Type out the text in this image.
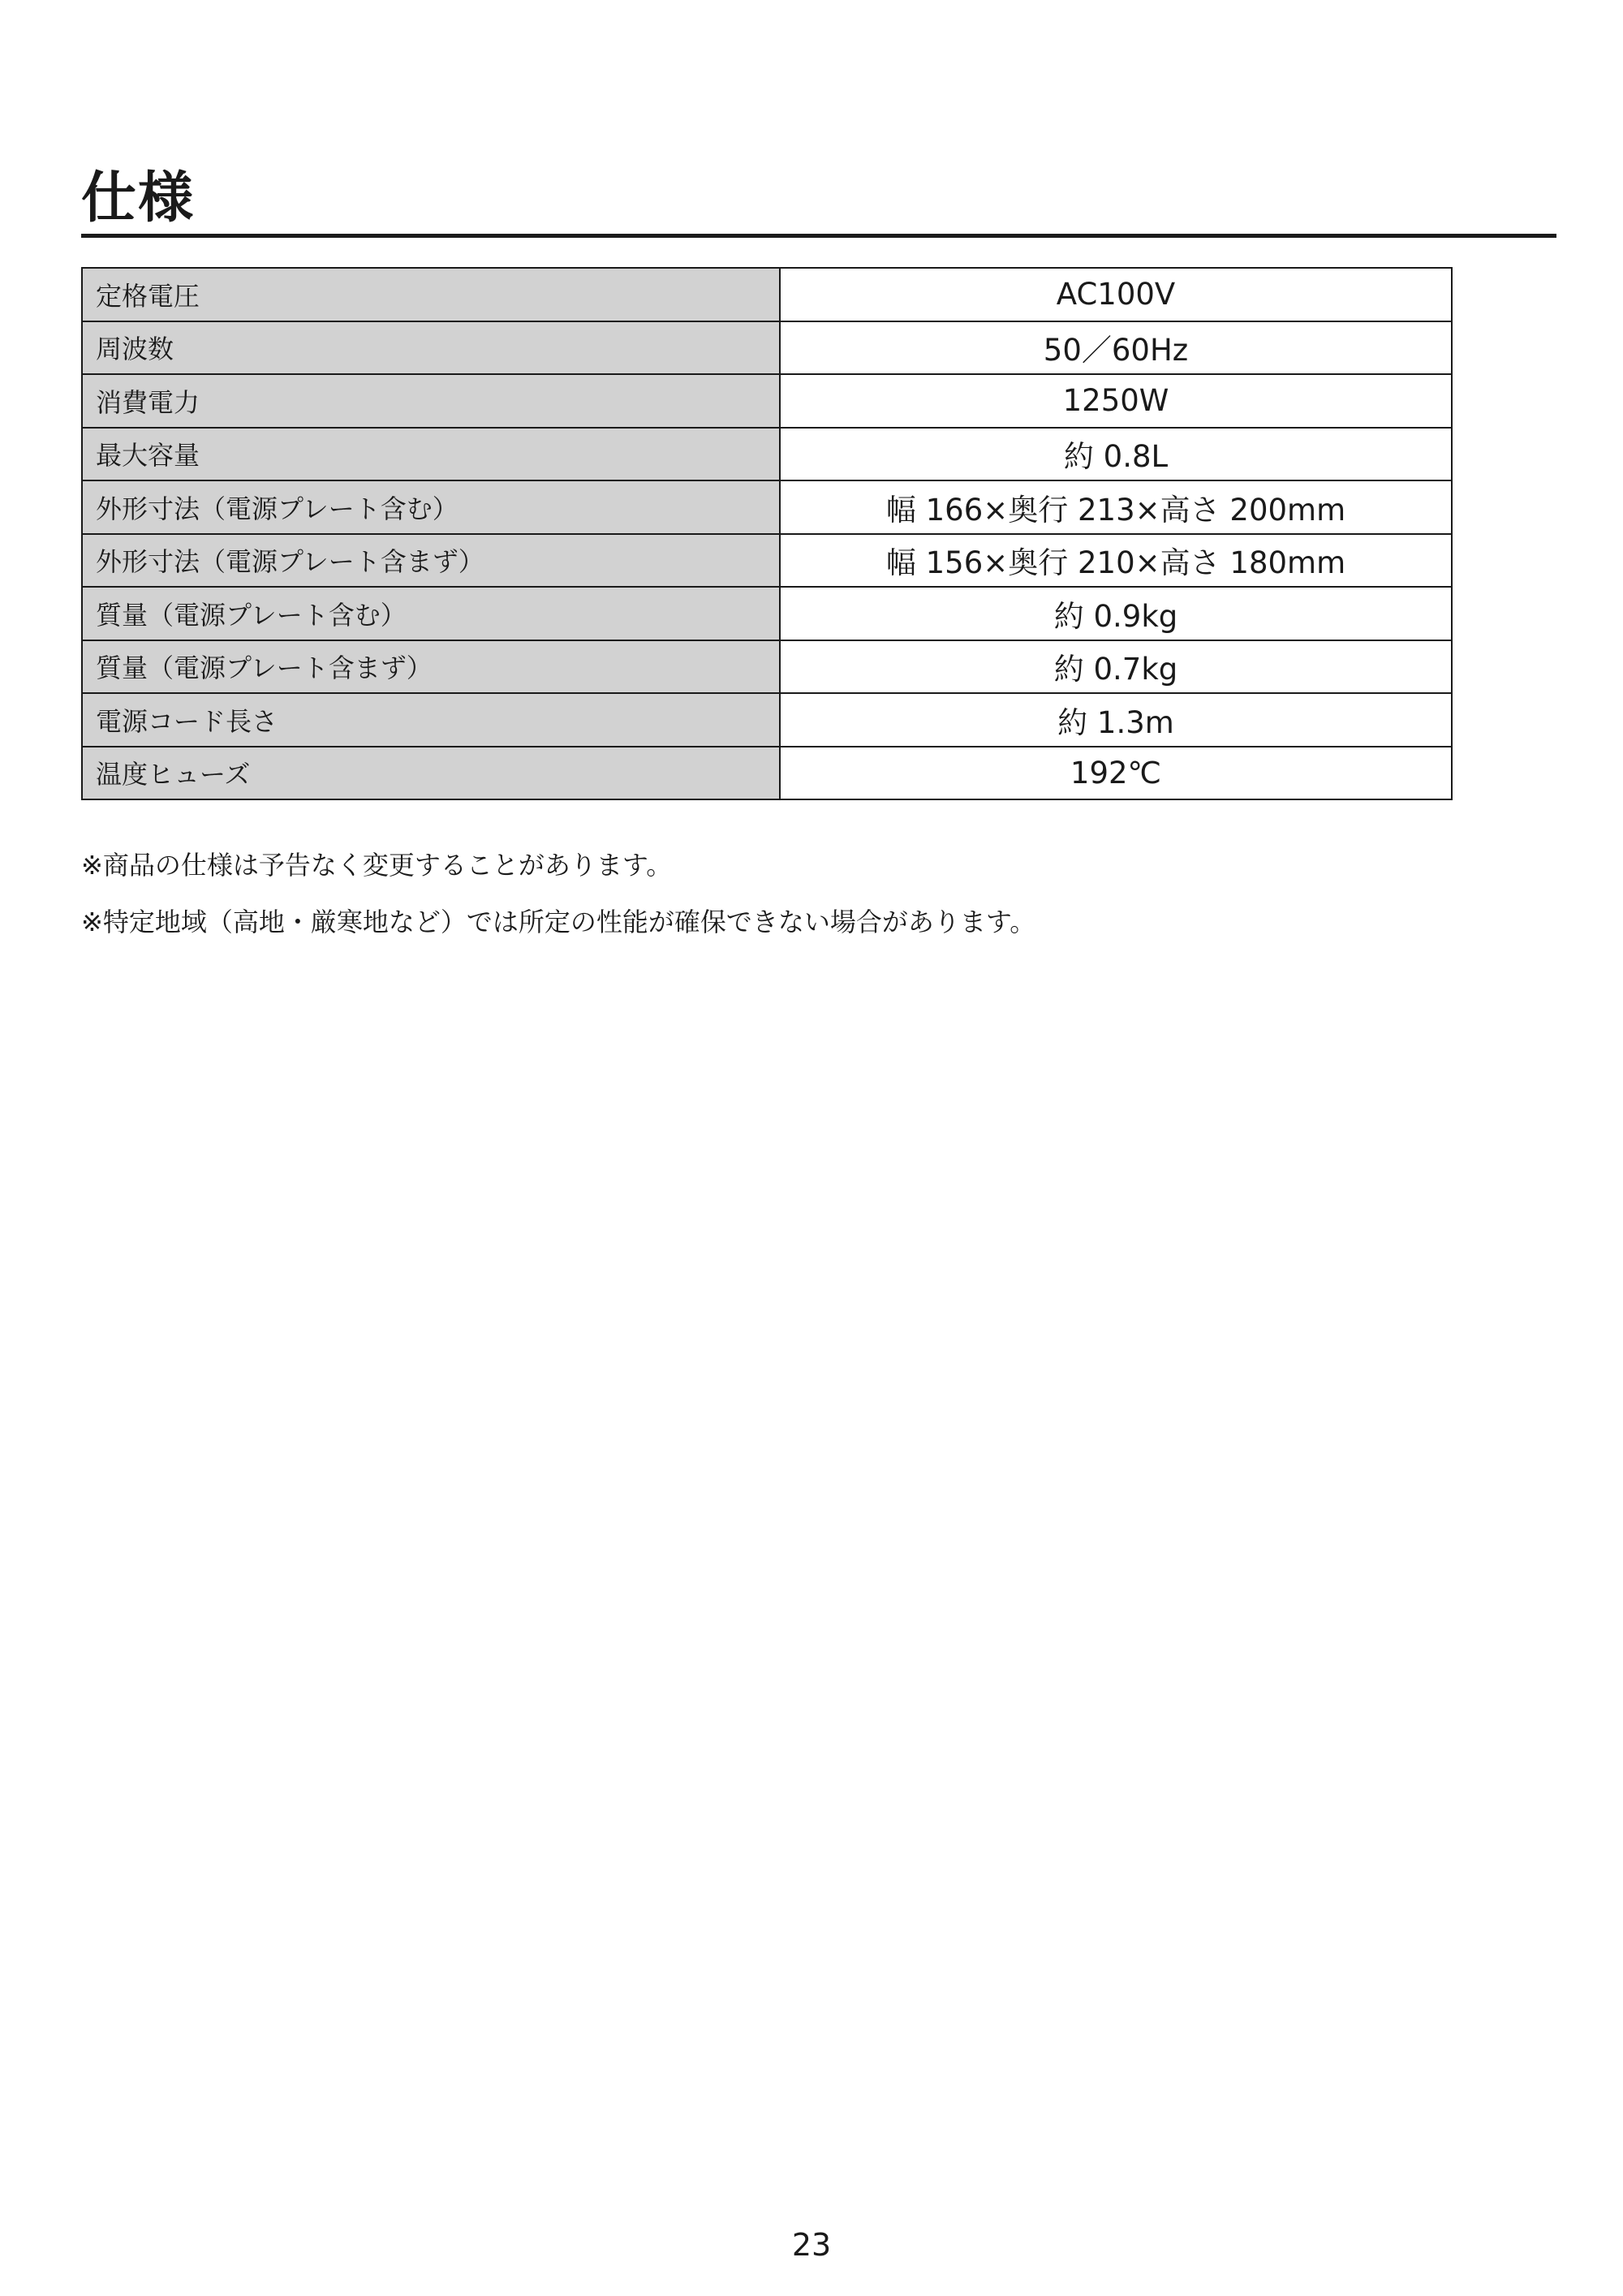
仕様
定格電圧	AC100V
周波数	50／60Hz
消費電力	1250W
最大容量	約 0.8L
外形寸法（電源プレート含む）	幅 166×奥行 213×高さ 200mm
外形寸法（電源プレート含まず）	幅 156×奥行 210×高さ 180mm
質量（電源プレート含む）	約 0.9kg
質量（電源プレート含まず）	約 0.7kg
電源コード長さ	約 1.3m
温度ヒューズ	192℃
※商品の仕様は予告なく変更することがあります。
※特定地域（高地・厳寒地など）では所定の性能が確保できない場合があります。
23
